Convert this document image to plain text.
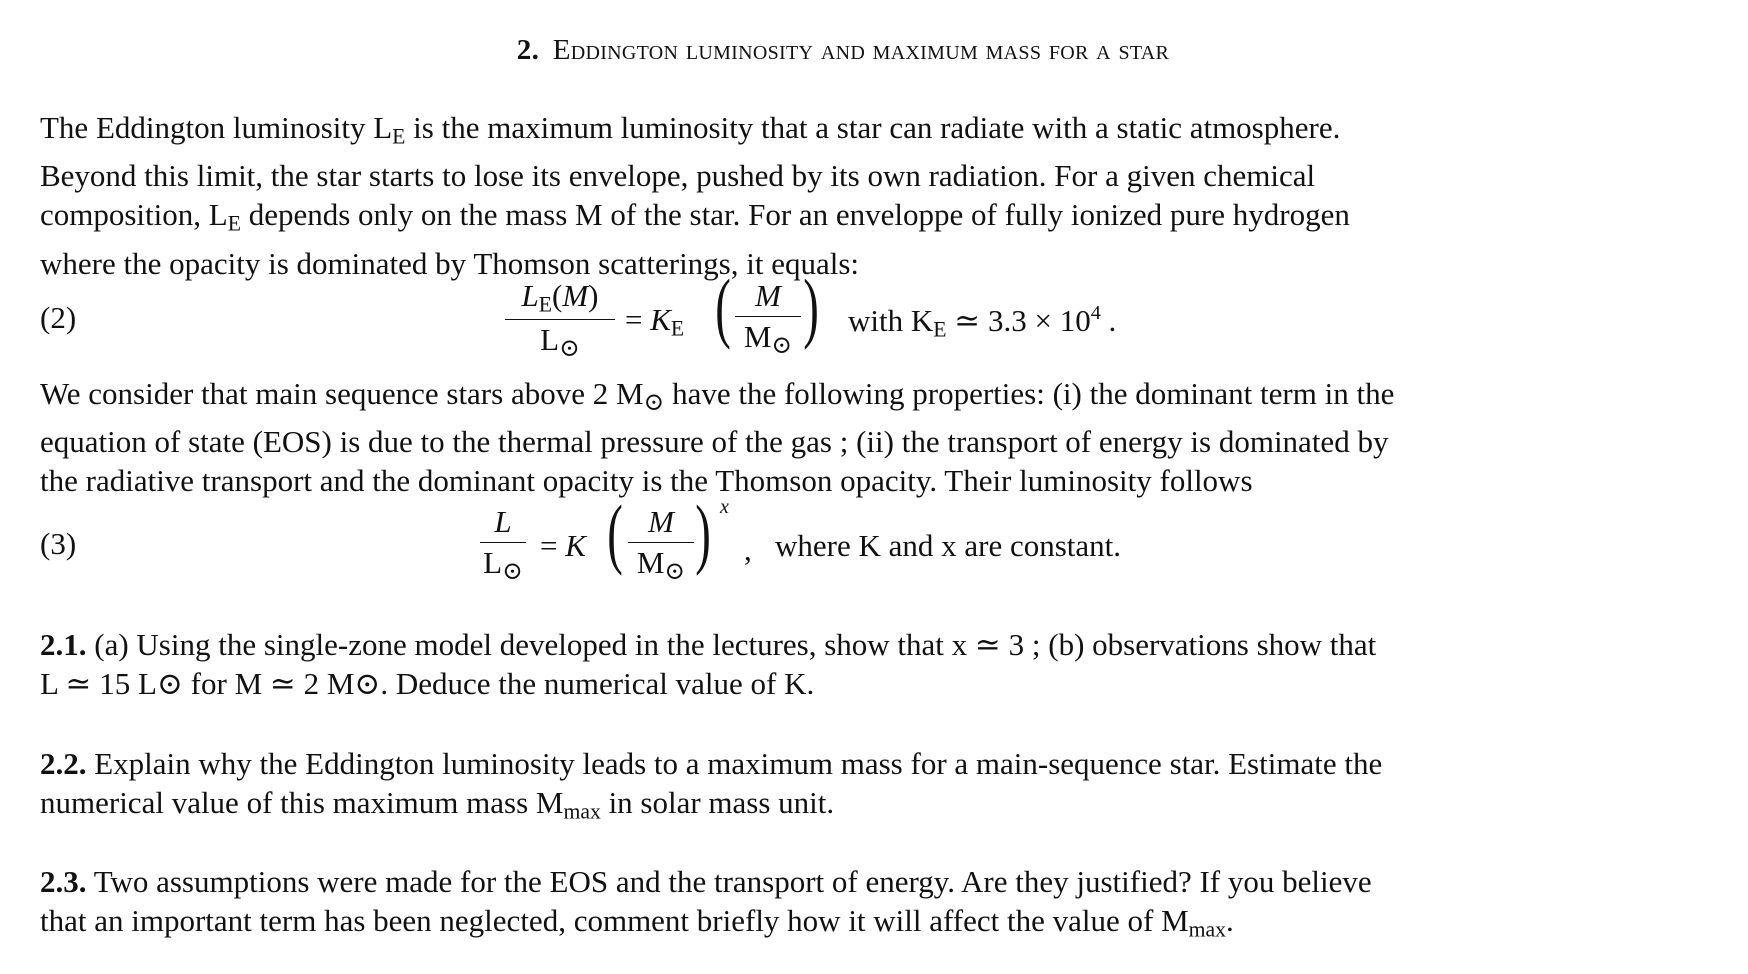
2. Eddington luminosity and maximum mass for a star
The Eddington luminosity $L_E$ is the maximum luminosity that a star can radiate with a static atmosphere.
Beyond this limit, the star starts to lose its envelope, pushed by its own radiation. For a given chemical
composition, $L_E$ depends only on the mass M of the star. For an enveloppe of fully ionized pure hydrogen
where the opacity is dominated by Thomson scatterings, it equals:
(2)
$L_E(M)$
$L_⊙$
= $K_E$ ( M
$M_⊙$ ) with $K_E$ ≃ $3.3 \times 10^4$ .
We consider that main sequence stars above 2 $M_⊙$ have the following properties: (i) the dominant term in the
equation of state (EOS) is due to the thermal pressure of the gas ; (ii) the transport of energy is dominated by
the radiative transport and the dominant opacity is the Thomson opacity. Their luminosity follows
(3)
L
$L_⊙$
= K ( M
$M_⊙$ ) x
, where K and x are constant.
2.1. (a) Using the single-zone model developed in the lectures, show that x ≃ 3 ; (b) observations show that
L ≃ 15 L⊙ for M ≃ 2 M⊙. Deduce the numerical value of K.
2.2. Explain why the Eddington luminosity leads to a maximum mass for a main-sequence star. Estimate the
numerical value of this maximum mass $M_{max}$ in solar mass unit.
2.3. Two assumptions were made for the EOS and the transport of energy. Are they justified? If you believe
that an important term has been neglected, comment briefly how it will affect the value of $M_{max}$.
